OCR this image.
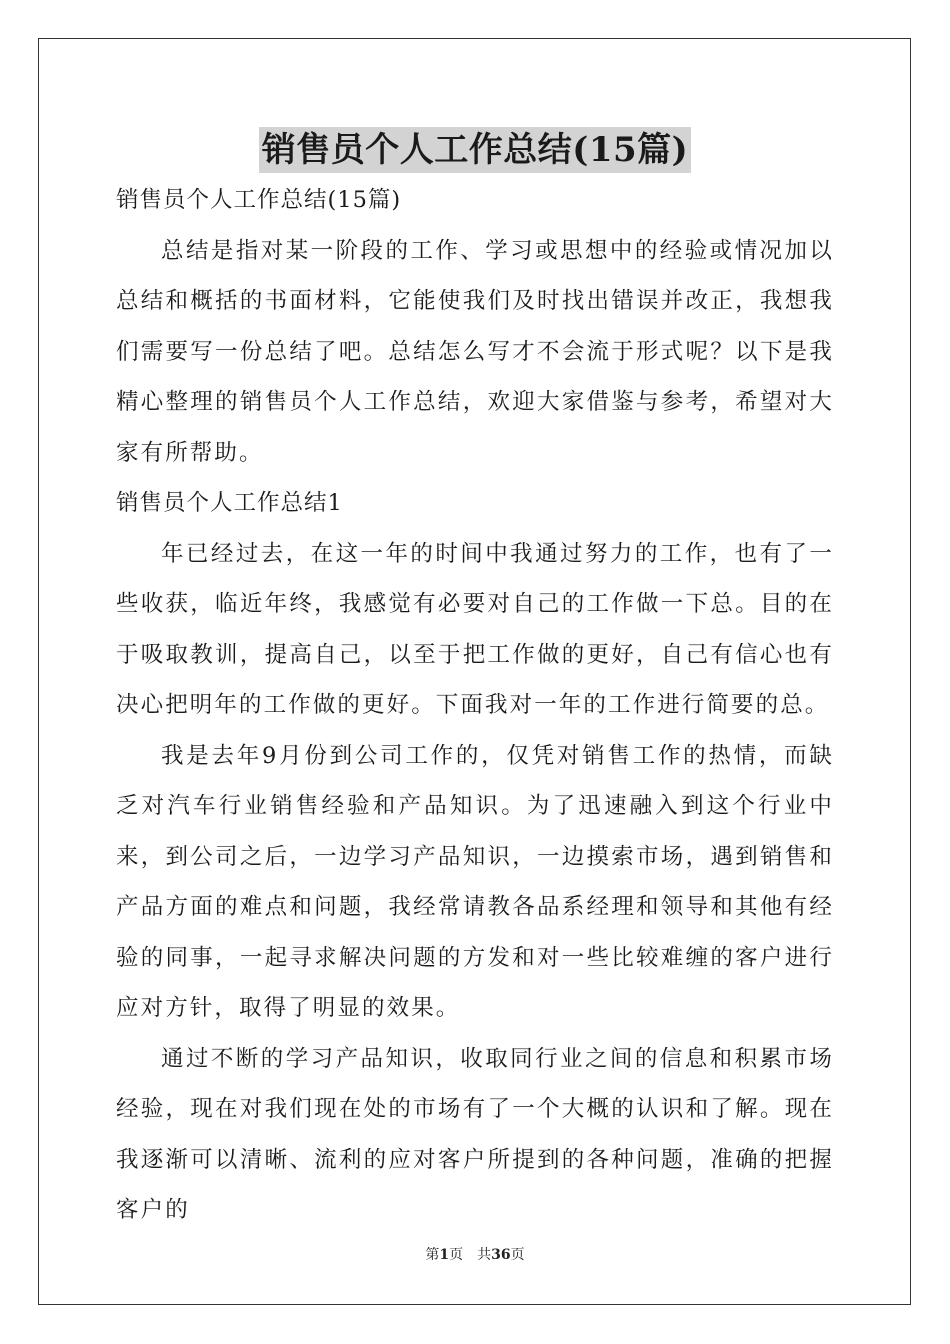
销售员个人工作总结(15篇)

销售员个人工作总结(15篇)

总结是指对某一阶段的工作、学习或思想中的经验或情况加以总结和概括的书面材料，它能使我们及时找出错误并改正，我想我们需要写一份总结了吧。总结怎么写才不会流于形式呢？以下是我精心整理的销售员个人工作总结，欢迎大家借鉴与参考，希望对大家有所帮助。

销售员个人工作总结1

年已经过去，在这一年的时间中我通过努力的工作，也有了一些收获，临近年终，我感觉有必要对自己的工作做一下总。目的在于吸取教训，提高自己，以至于把工作做的更好，自己有信心也有决心把明年的工作做的更好。下面我对一年的工作进行简要的总。

我是去年9月份到公司工作的，仅凭对销售工作的热情，而缺乏对汽车行业销售经验和产品知识。为了迅速融入到这个行业中来，到公司之后，一边学习产品知识，一边摸索市场，遇到销售和产品方面的难点和问题，我经常请教各品系经理和领导和其他有经验的同事，一起寻求解决问题的方发和对一些比较难缠的客户进行应对方针，取得了明显的效果。

通过不断的学习产品知识，收取同行业之间的信息和积累市场经验，现在对我们现在处的市场有了一个大概的认识和了解。现在我逐渐可以清晰、流利的应对客户所提到的各种问题，准确的把握客户的

第1页 共36页
